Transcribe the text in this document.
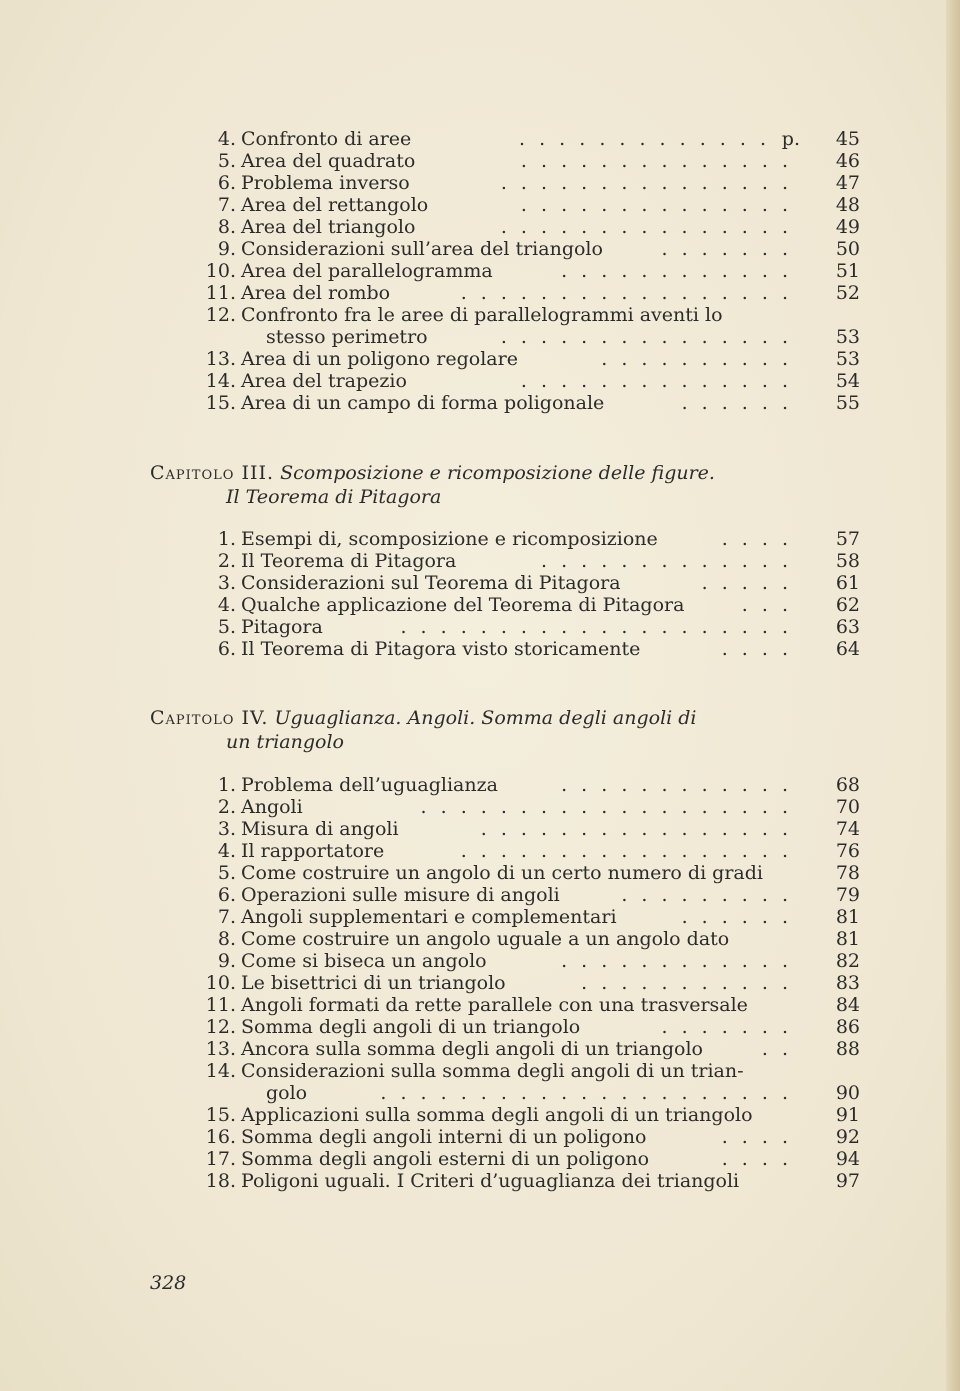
4. Confronto di aree	. . . . . . . . . . . . . p.	45
5. Area del quadrato	. . . . . . . . . . . . . .	46
6. Problema inverso	. . . . . . . . . . . . . . .	47
7. Area del rettangolo	. . . . . . . . . . . . . .	48
8. Area del triangolo	. . . . . . . . . . . . . . .	49
9. Considerazioni sull’area del triangolo	. . . . . . .	50
10. Area del parallelogramma	. . . . . . . . . . . .	51
11. Area del rombo	. . . . . . . . . . . . . . . . .	52
12. Confronto fra le aree di parallelogrammi aventi lo
stesso perimetro	. . . . . . . . . . . . . . .	53
13. Area di un poligono regolare	. . . . . . . . . .	53
14. Area del trapezio	. . . . . . . . . . . . . .	54
15. Area di un campo di forma poligonale	. . . . . .	55
Capitolo III. Scomposizione e ricomposizione delle figure.
Il Teorema di Pitagora
1. Esempi di, scomposizione e ricomposizione	. . . .	57
2. Il Teorema di Pitagora	. . . . . . . . . . . . .	58
3. Considerazioni sul Teorema di Pitagora	. . . . .	61
4. Qualche applicazione del Teorema di Pitagora	. . .	62
5. Pitagora	. . . . . . . . . . . . . . . . . . . .	63
6. Il Teorema di Pitagora visto storicamente	. . . .	64
Capitolo IV. Uguaglianza. Angoli. Somma degli angoli di
un triangolo
1. Problema dell’uguaglianza	. . . . . . . . . . . .	68
2. Angoli	. . . . . . . . . . . . . . . . . . .	70
3. Misura di angoli	. . . . . . . . . . . . . . . .	74
4. Il rapportatore	. . . . . . . . . . . . . . . . .	76
5. Come costruire un angolo di un certo numero di gradi	78
6. Operazioni sulle misure di angoli	. . . . . . . . .	79
7. Angoli supplementari e complementari	. . . . . .	81
8. Come costruire un angolo uguale a un angolo dato	81
9. Come si biseca un angolo	. . . . . . . . . . . .	82
10. Le bisettrici di un triangolo	. . . . . . . . . . .	83
11. Angoli formati da rette parallele con una trasversale	84
12. Somma degli angoli di un triangolo	. . . . . . .	86
13. Ancora sulla somma degli angoli di un triangolo	. .	88
14. Considerazioni sulla somma degli angoli di un trian-
golo	. . . . . . . . . . . . . . . . . . . . .	90
15. Applicazioni sulla somma degli angoli di un triangolo	91
16. Somma degli angoli interni di un poligono	. . . .	92
17. Somma degli angoli esterni di un poligono	. . . .	94
18. Poligoni uguali. I Criteri d’uguaglianza dei triangoli	97
328
